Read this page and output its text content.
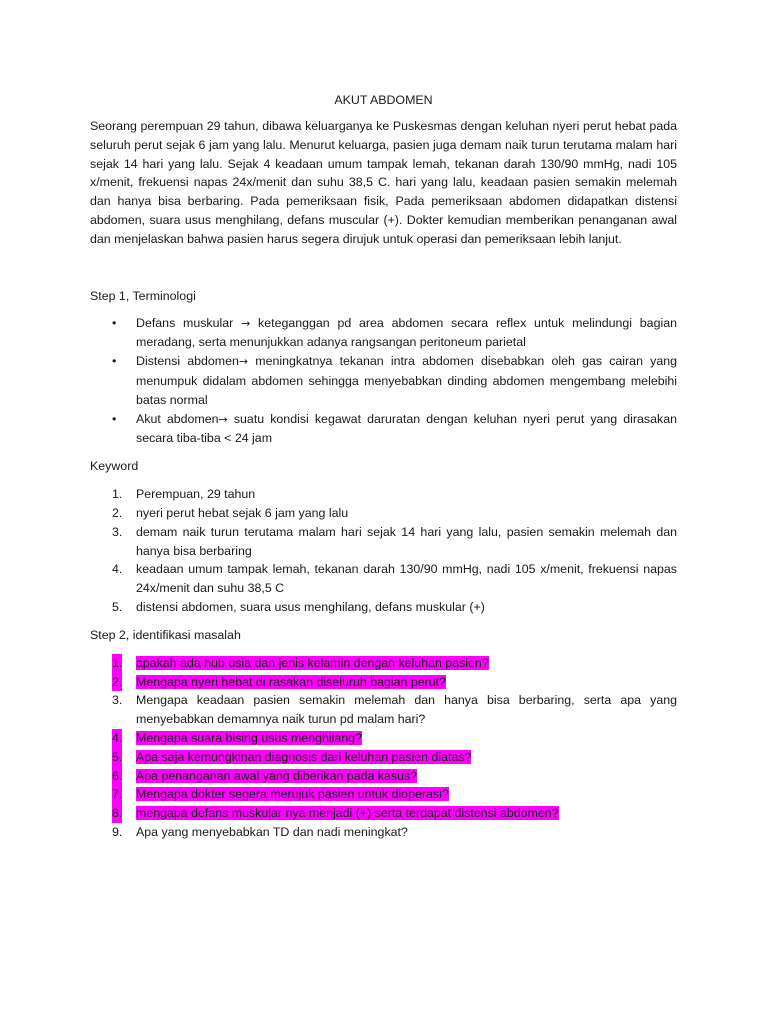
AKUT ABDOMEN

Seorang perempuan 29 tahun, dibawa keluarganya ke Puskesmas dengan keluhan nyeri perut hebat pada seluruh perut sejak 6 jam yang lalu. Menurut keluarga, pasien juga demam naik turun terutama malam hari sejak 14 hari yang lalu. Sejak 4 keadaan umum tampak lemah, tekanan darah 130/90 mmHg, nadi 105 x/menit, frekuensi napas 24x/menit dan suhu 38,5 C. hari yang lalu, keadaan pasien semakin melemah dan hanya bisa berbaring. Pada pemeriksaan fisik, Pada pemeriksaan abdomen didapatkan distensi abdomen, suara usus menghilang, defans muscular (+). Dokter kemudian memberikan penanganan awal dan menjelaskan bahwa pasien harus segera dirujuk untuk operasi dan pemeriksaan lebih lanjut.

Step 1, Terminologi

• Defans muskular → keteganggan pd area abdomen secara reflex untuk melindungi bagian meradang, serta menunjukkan adanya rangsangan peritoneum parietal
• Distensi abdomen→ meningkatnya tekanan intra abdomen disebabkan oleh gas cairan yang menumpuk didalam abdomen sehingga menyebabkan dinding abdomen mengembang melebihi batas normal
• Akut abdomen→ suatu kondisi kegawat daruratan dengan keluhan nyeri perut yang dirasakan secara tiba-tiba < 24 jam

Keyword

1. Perempuan, 29 tahun
2. nyeri perut hebat sejak 6 jam yang lalu
3. demam naik turun terutama malam hari sejak 14 hari yang lalu, pasien semakin melemah dan hanya bisa berbaring
4. keadaan umum tampak lemah, tekanan darah 130/90 mmHg, nadi 105 x/menit, frekuensi napas 24x/menit dan suhu 38,5 C
5. distensi abdomen, suara usus menghilang, defans muskular (+)

Step 2, identifikasi masalah

1. apakah ada hub usia dan jenis kelamin dengan keluhan pasien?
2. Mengapa nyeri hebat di rasakan diseluruh bagian perut?
3. Mengapa keadaan pasien semakin melemah dan hanya bisa berbaring, serta apa yang menyebabkan demamnya naik turun pd malam hari?
4. Mengapa suara bising usus menghilang?
5. Apa saja kemungkinan diagnosis dari keluhan pasien diatas?
6. Apa penanganan awal yang diberikan pada kasus?
7. Mengapa dokter segera merujuk pasien untuk dioperasi?
8. mengapa defans muskular nya menjadi (+) serta terdapat distensi abdomen?
9. Apa yang menyebabkan TD dan nadi meningkat?
